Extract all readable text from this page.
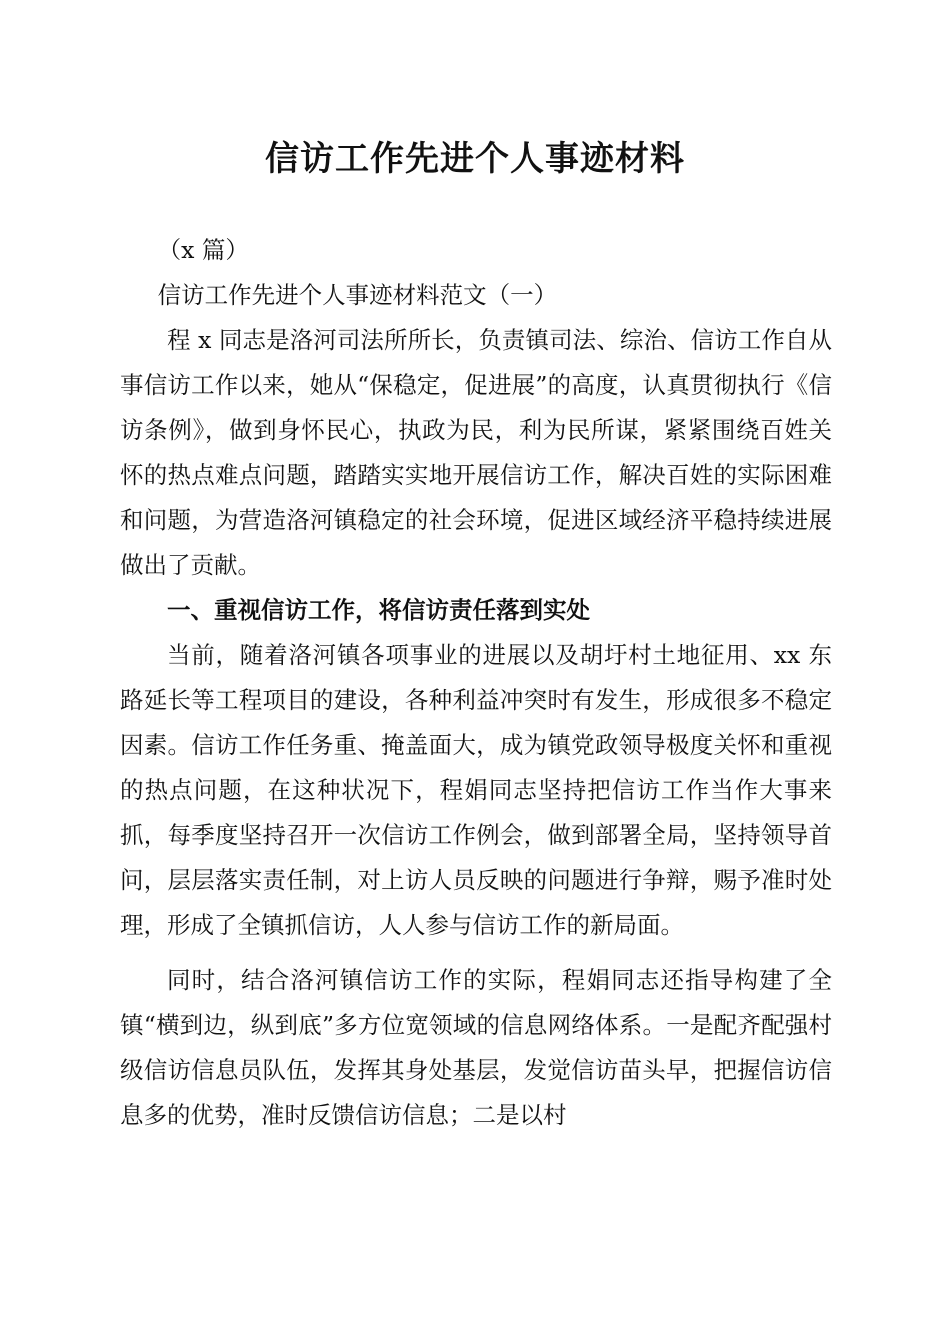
信访工作先进个人事迹材料

（x 篇）

信访工作先进个人事迹材料范文（一）

程 x 同志是洛河司法所所长，负责镇司法、综治、信访工作自从事信访工作以来，她从“保稳定，促进展”的高度，认真贯彻执行《信访条例》，做到身怀民心，执政为民，利为民所谋，紧紧围绕百姓关怀的热点难点问题，踏踏实实地开展信访工作，解决百姓的实际困难和问题，为营造洛河镇稳定的社会环境，促进区域经济平稳持续进展做出了贡献。

一、重视信访工作，将信访责任落到实处

当前，随着洛河镇各项事业的进展以及胡圩村土地征用、xx 东路延长等工程项目的建设，各种利益冲突时有发生，形成很多不稳定因素。信访工作任务重、掩盖面大，成为镇党政领导极度关怀和重视的热点问题，在这种状况下，程娟同志坚持把信访工作当作大事来抓，每季度坚持召开一次信访工作例会，做到部署全局，坚持领导首问，层层落实责任制，对上访人员反映的问题进行争辩，赐予准时处理，形成了全镇抓信访，人人参与信访工作的新局面。

同时，结合洛河镇信访工作的实际，程娟同志还指导构建了全镇“横到边，纵到底”多方位宽领域的信息网络体系。一是配齐配强村级信访信息员队伍，发挥其身处基层，发觉信访苗头早，把握信访信息多的优势，准时反馈信访信息；二是以村
